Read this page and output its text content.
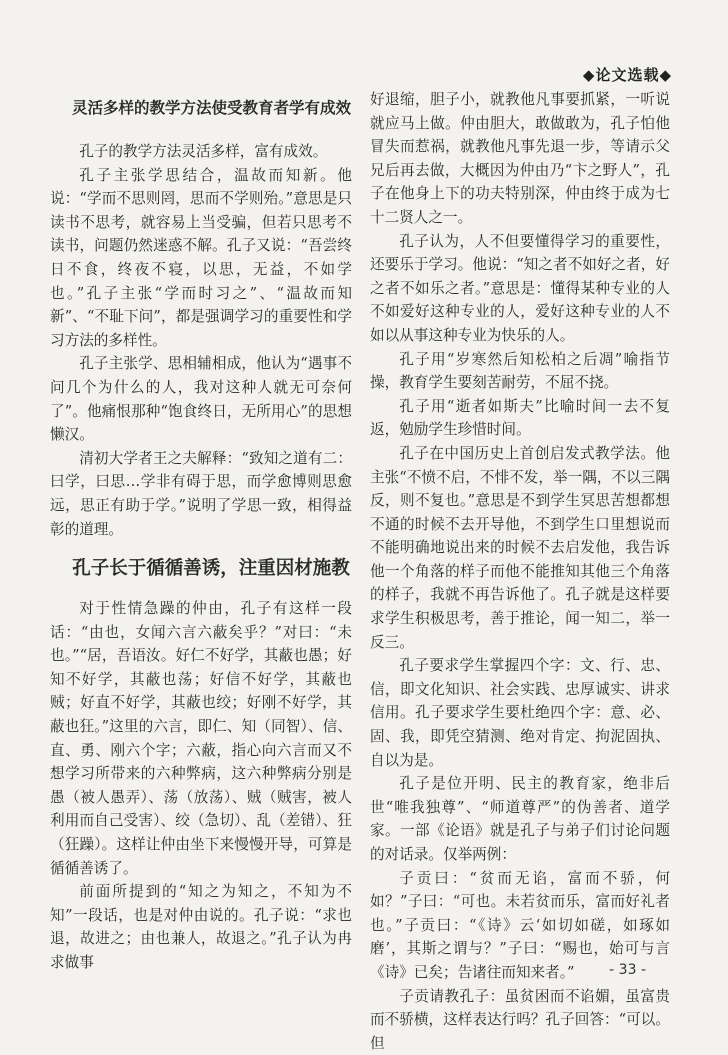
◆论文选载◆
灵活多样的教学方法使受教育者学有成效

孔子的教学方法灵活多样，富有成效。

孔子主张学思结合，温故而知新。他说：“学而不思则罔，思而不学则殆。”意思是只读书不思考，就容易上当受骗，但若只思考不读书，问题仍然迷惑不解。孔子又说：“吾尝终日不食，终夜不寝，以思，无益，不如学也。”孔子主张“学而时习之”、“温故而知新”、“不耻下问”，都是强调学习的重要性和学习方法的多样性。

孔子主张学、思相辅相成，他认为“遇事不问几个为什么的人，我对这种人就无可奈何了”。他痛恨那种“饱食终日，无所用心”的思想懒汉。

清初大学者王之夫解释：“致知之道有二：曰学，曰思…学非有碍于思，而学愈博则思愈远，思正有助于学。”说明了学思一致，相得益彰的道理。

孔子长于循循善诱，注重因材施教

对于性情急躁的仲由，孔子有这样一段话：“由也，女闻六言六蔽矣乎？”对曰：“未也。”“居，吾语汝。好仁不好学，其蔽也愚；好知不好学，其蔽也荡；好信不好学，其蔽也贼；好直不好学，其蔽也绞；好刚不好学，其蔽也狂。”这里的六言，即仁、知（同智）、信、直、勇、刚六个字；六蔽，指心向六言而又不想学习所带来的六种弊病，这六种弊病分别是愚（被人愚弄）、荡（放荡）、贼（贼害，被人利用而自己受害）、绞（急切）、乱（差错）、狂（狂躁）。这样让仲由坐下来慢慢开导，可算是循循善诱了。

前面所提到的“知之为知之，不知为不知”一段话，也是对仲由说的。孔子说：“求也退，故进之；由也兼人，故退之。”孔子认为冉求做事

好退缩，胆子小，就教他凡事要抓紧，一听说就应马上做。仲由胆大，敢做敢为，孔子怕他冒失而惹祸，就教他凡事先退一步，等请示父兄后再去做，大概因为仲由乃“卞之野人”，孔子在他身上下的功夫特别深，仲由终于成为七十二贤人之一。

孔子认为，人不但要懂得学习的重要性，还要乐于学习。他说：“知之者不如好之者，好之者不如乐之者。”意思是：懂得某种专业的人不如爱好这种专业的人，爱好这种专业的人不如以从事这种专业为快乐的人。

孔子用“岁寒然后知松柏之后凋”喻指节操，教育学生要刻苦耐劳，不屈不挠。

孔子用“逝者如斯夫”比喻时间一去不复返，勉励学生珍惜时间。

孔子在中国历史上首创启发式教学法。他主张“不愤不启，不悱不发，举一隅，不以三隅反，则不复也。”意思是不到学生冥思苦想都想不通的时候不去开导他，不到学生口里想说而不能明确地说出来的时候不去启发他，我告诉他一个角落的样子而他不能推知其他三个角落的样子，我就不再告诉他了。孔子就是这样要求学生积极思考，善于推论，闻一知二，举一反三。

孔子要求学生掌握四个字：文、行、忠、信，即文化知识、社会实践、忠厚诚实、讲求信用。孔子要求学生要杜绝四个字：意、必、固、我，即凭空猜测、绝对肯定、拘泥固执、自以为是。

孔子是位开明、民主的教育家，绝非后世“唯我独尊”、“师道尊严”的伪善者、道学家。一部《论语》就是孔子与弟子们讨论问题的对话录。仅举两例：

子贡曰：“贫而无谄，富而不骄，何如？”子曰：“可也。未若贫而乐，富而好礼者也。”子贡曰：“《诗》云‘如切如磋，如琢如磨’，其斯之谓与？”子曰：“赐也，始可与言《诗》已矣；告诸往而知来者。”

子贡请教孔子：虽贫困而不谄媚，虽富贵而不骄横，这样表达行吗？孔子回答：“可以。但

- 33 -
